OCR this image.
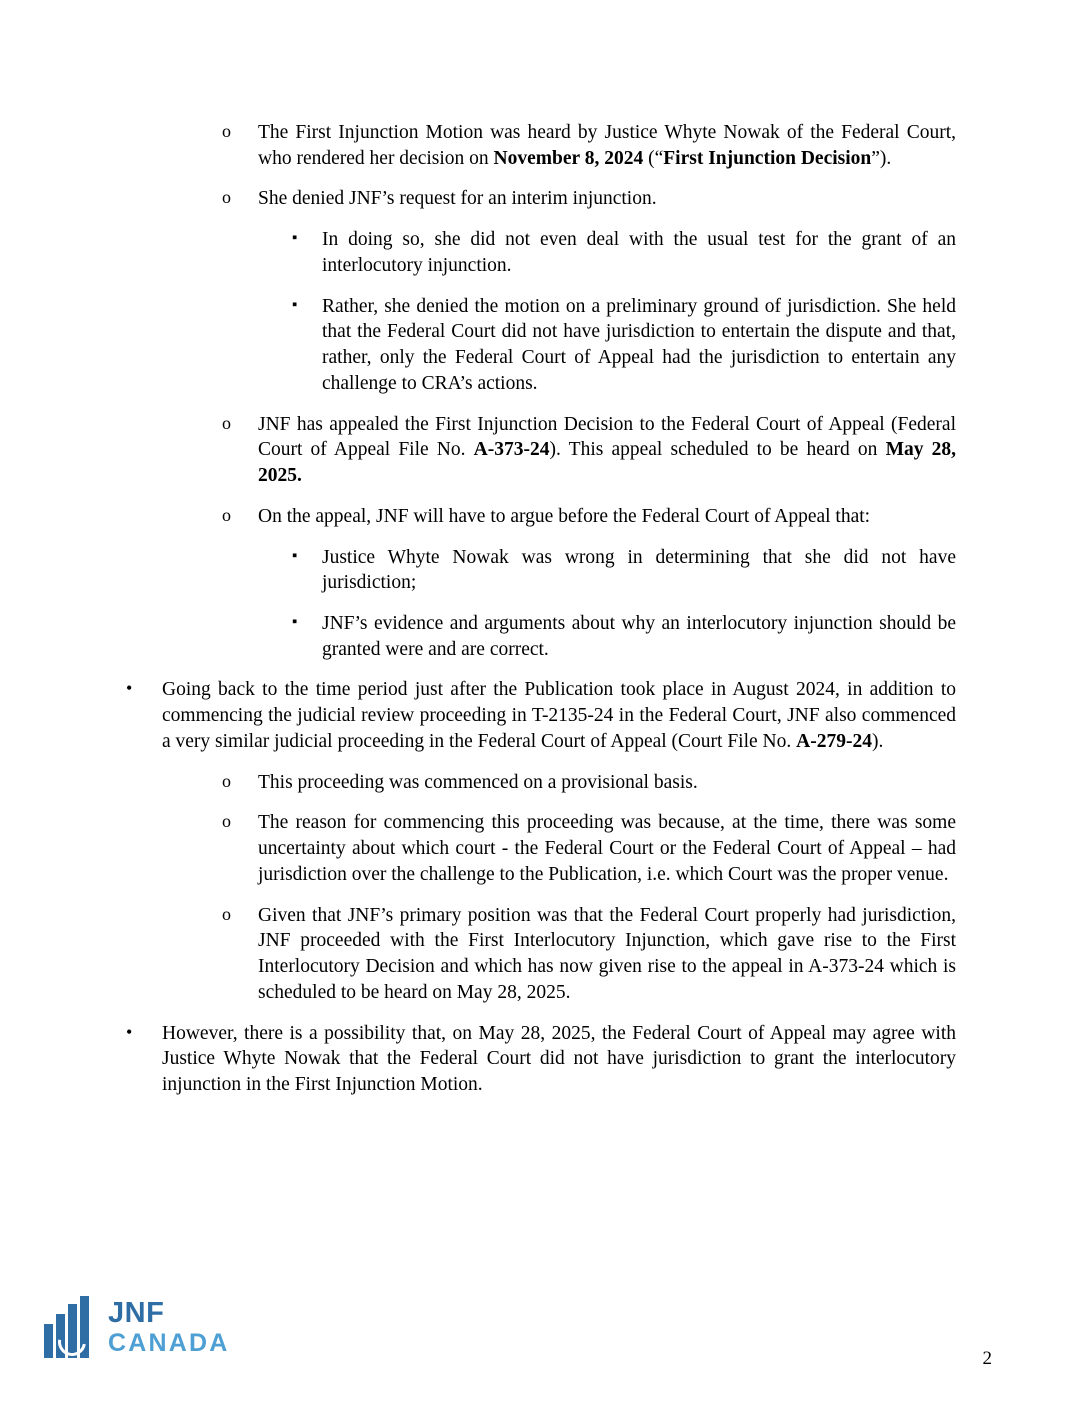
o	The First Injunction Motion was heard by Justice Whyte Nowak of the Federal Court, who rendered her decision on November 8, 2024 (“First Injunction Decision”).
o	She denied JNF’s request for an interim injunction.
▪	In doing so, she did not even deal with the usual test for the grant of an interlocutory injunction.
▪	Rather, she denied the motion on a preliminary ground of jurisdiction. She held that the Federal Court did not have jurisdiction to entertain the dispute and that, rather, only the Federal Court of Appeal had the jurisdiction to entertain any challenge to CRA’s actions.
o	JNF has appealed the First Injunction Decision to the Federal Court of Appeal (Federal Court of Appeal File No. A-373-24). This appeal scheduled to be heard on May 28, 2025.
o	On the appeal, JNF will have to argue before the Federal Court of Appeal that:
▪	Justice Whyte Nowak was wrong in determining that she did not have jurisdiction;
▪	JNF’s evidence and arguments about why an interlocutory injunction should be granted were and are correct.
•	Going back to the time period just after the Publication took place in August 2024, in addition to commencing the judicial review proceeding in T-2135-24 in the Federal Court, JNF also commenced a very similar judicial proceeding in the Federal Court of Appeal (Court File No. A-279-24).
o	This proceeding was commenced on a provisional basis.
o	The reason for commencing this proceeding was because, at the time, there was some uncertainty about which court - the Federal Court or the Federal Court of Appeal – had jurisdiction over the challenge to the Publication, i.e. which Court was the proper venue.
o	Given that JNF’s primary position was that the Federal Court properly had jurisdiction, JNF proceeded with the First Interlocutory Injunction, which gave rise to the First Interlocutory Decision and which has now given rise to the appeal in A-373-24 which is scheduled to be heard on May 28, 2025.
•	However, there is a possibility that, on May 28, 2025, the Federal Court of Appeal may agree with Justice Whyte Nowak that the Federal Court did not have jurisdiction to grant the interlocutory injunction in the First Injunction Motion.
JNF
CANADA
2
